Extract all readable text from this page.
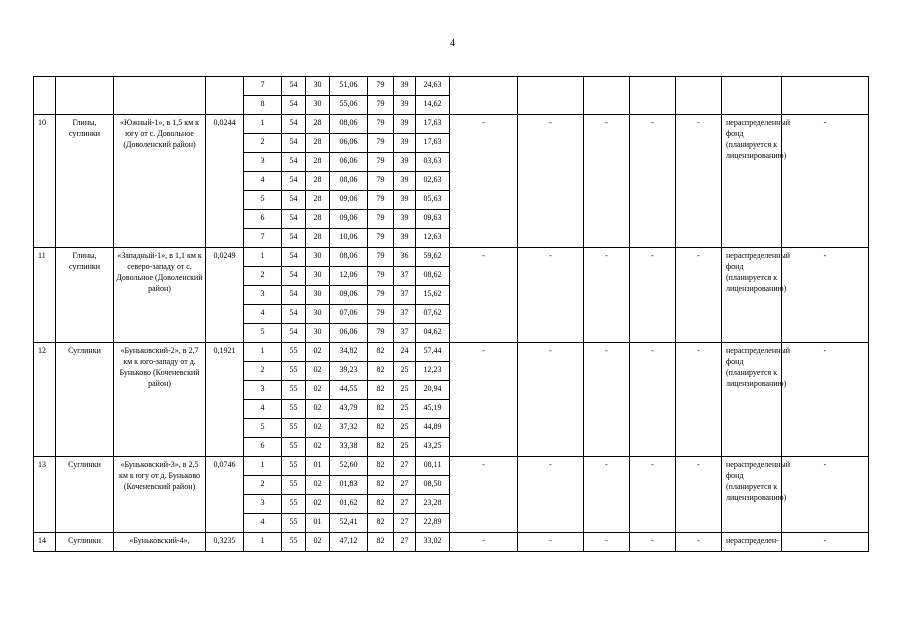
4
				7	54	30	51,06	79	39	24,63							
				8	54	30	55,06	79	39	14,62							
10	Глины, суглинки	«Южный-1», в 1,5 км к югу от с. Довольное (Доволенский район)	0,0244	1	54	28	08,06	79	39	17,63	-	-	-	-	-	нераспределенный фонд (планируется к лицензированию)	-
				2	54	28	06,06	79	39	17,63							
				3	54	28	06,06	79	39	03,63							
				4	54	28	08,06	79	39	02,63							
				5	54	28	09,06	79	39	05,63							
				6	54	28	09,06	79	39	09,63							
				7	54	28	10,06	79	39	12,63							
11	Глины, суглинки	«Западный-1», в 1,1 км к северо-западу от с. Довольное (Доволенский район)	0,0249	1	54	30	08,06	79	36	59,62	-	-	-	-	-	нераспределенный фонд (планируется к лицензированию)	-
				2	54	30	12,06	79	37	08,62							
				3	54	30	09,06	79	37	15,62							
				4	54	30	07,06	79	37	07,62							
				5	54	30	06,06	79	37	04,62							
12	Суглинки	«Буньковский-2», в 2,7 км к юго-западу от д. Буньково (Коченевский район)	0,1921	1	55	02	34,82	82	24	57,44	-	-	-	-	-	нераспределенный фонд (планируется к лицензированию)	-
				2	55	02	39,23	82	25	12,23							
				3	55	02	44,55	82	25	20,94							
				4	55	02	43,79	82	25	45,19							
				5	55	02	37,32	82	25	44,89							
				6	55	02	33,38	82	25	43,25							
13	Суглинки	«Буньковский-3», в 2,5 км к югу от д. Буньково (Коченевский район)	0,0746	1	55	01	52,60	82	27	08,11	-	-	-	-	-	нераспределенный фонд (планируется к лицензированию)	-
				2	55	02	01,83	82	27	08,50							
				3	55	02	01,62	82	27	23,28							
				4	55	01	52,41	82	27	22,89							
14	Суглинки	«Буньковский-4»,	0,3235	1	55	02	47,12	82	27	33,02	-	-	-	-	-	нераспределен-	-
